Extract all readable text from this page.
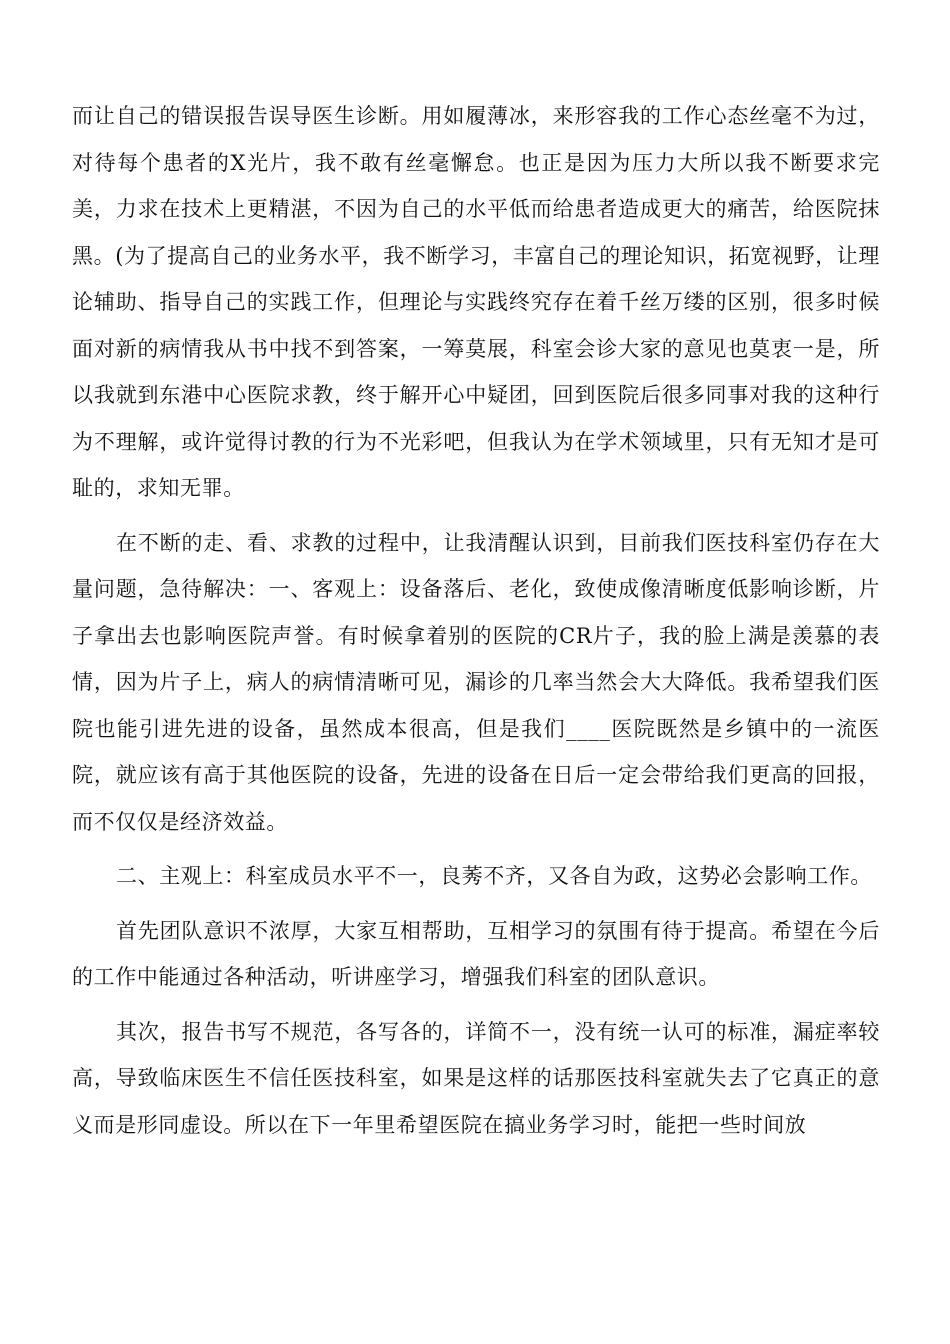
而让自己的错误报告误导医生诊断。用如履薄冰，来形容我的工作心态丝毫不为过，对待每个患者的X光片，我不敢有丝毫懈怠。也正是因为压力大所以我不断要求完美，力求在技术上更精湛，不因为自己的水平低而给患者造成更大的痛苦，给医院抹黑。(为了提高自己的业务水平，我不断学习，丰富自己的理论知识，拓宽视野，让理论辅助、指导自己的实践工作，但理论与实践终究存在着千丝万缕的区别，很多时候面对新的病情我从书中找不到答案，一筹莫展，科室会诊大家的意见也莫衷一是，所以我就到东港中心医院求教，终于解开心中疑团，回到医院后很多同事对我的这种行为不理解，或许觉得讨教的行为不光彩吧，但我认为在学术领域里，只有无知才是可耻的，求知无罪。

在不断的走、看、求教的过程中，让我清醒认识到，目前我们医技科室仍存在大量问题，急待解决：一、客观上：设备落后、老化，致使成像清晰度低影响诊断，片子拿出去也影响医院声誉。有时候拿着别的医院的CR片子，我的脸上满是羡慕的表情，因为片子上，病人的病情清晰可见，漏诊的几率当然会大大降低。我希望我们医院也能引进先进的设备，虽然成本很高，但是我们____医院既然是乡镇中的一流医院，就应该有高于其他医院的设备，先进的设备在日后一定会带给我们更高的回报，而不仅仅是经济效益。

二、主观上：科室成员水平不一，良莠不齐，又各自为政，这势必会影响工作。

首先团队意识不浓厚，大家互相帮助，互相学习的氛围有待于提高。希望在今后的工作中能通过各种活动，听讲座学习，增强我们科室的团队意识。

其次，报告书写不规范，各写各的，详简不一，没有统一认可的标准，漏症率较高，导致临床医生不信任医技科室，如果是这样的话那医技科室就失去了它真正的意义而是形同虚设。所以在下一年里希望医院在搞业务学习时，能把一些时间放
